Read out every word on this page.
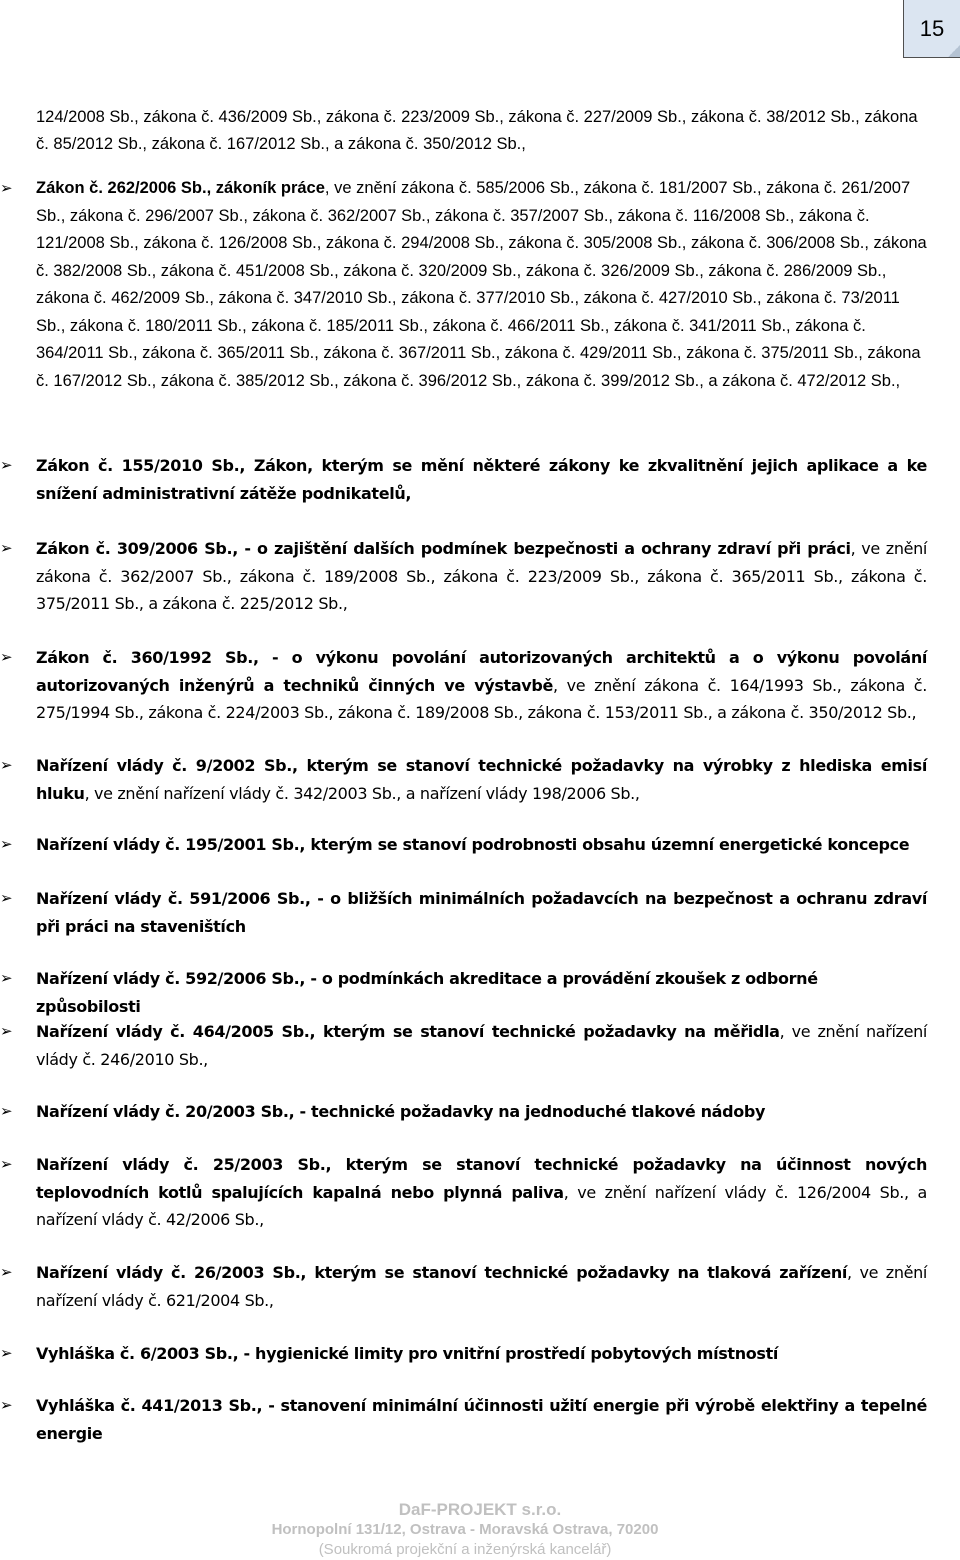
15
124/2008 Sb., zákona č. 436/2009 Sb., zákona č. 223/2009 Sb., zákona č. 227/2009 Sb., zákona č. 38/2012 Sb., zákona č. 85/2012 Sb., zákona č. 167/2012 Sb., a zákona č. 350/2012 Sb.,
➢	Zákon č. 262/2006 Sb., zákoník práce, ve znění zákona č. 585/2006 Sb., zákona č. 181/2007 Sb., zákona č. 261/2007 Sb., zákona č. 296/2007 Sb., zákona č. 362/2007 Sb., zákona č. 357/2007 Sb., zákona č. 116/2008 Sb., zákona č. 121/2008 Sb., zákona č. 126/2008 Sb., zákona č. 294/2008 Sb., zákona č. 305/2008 Sb., zákona č. 306/2008 Sb., zákona č. 382/2008 Sb., zákona č. 451/2008 Sb., zákona č. 320/2009 Sb., zákona č. 326/2009 Sb., zákona č. 286/2009 Sb., zákona č. 462/2009 Sb., zákona č. 347/2010 Sb., zákona č. 377/2010 Sb., zákona č. 427/2010 Sb., zákona č. 73/2011 Sb., zákona č. 180/2011 Sb., zákona č. 185/2011 Sb., zákona č. 466/2011 Sb., zákona č. 341/2011 Sb., zákona č. 364/2011 Sb., zákona č. 365/2011 Sb., zákona č. 367/2011 Sb., zákona č. 429/2011 Sb., zákona č. 375/2011 Sb., zákona č. 167/2012 Sb., zákona č. 385/2012 Sb., zákona č. 396/2012 Sb., zákona č. 399/2012 Sb., a zákona č. 472/2012 Sb.,
➢	Zákon č. 155/2010 Sb., Zákon, kterým se mění některé zákony ke zkvalitnění jejich aplikace a ke snížení administrativní zátěže podnikatelů,
➢	Zákon č. 309/2006 Sb., - o zajištění dalších podmínek bezpečnosti a ochrany zdraví při práci, ve znění zákona č. 362/2007 Sb., zákona č. 189/2008 Sb., zákona č. 223/2009 Sb., zákona č. 365/2011 Sb., zákona č. 375/2011 Sb., a zákona č. 225/2012 Sb.,
➢	Zákon č. 360/1992 Sb., - o výkonu povolání autorizovaných architektů a o výkonu povolání autorizovaných inženýrů a techniků činných ve výstavbě, ve znění zákona č. 164/1993 Sb., zákona č. 275/1994 Sb., zákona č. 224/2003 Sb., zákona č. 189/2008 Sb., zákona č. 153/2011 Sb., a zákona č. 350/2012 Sb.,
➢	Nařízení vlády č. 9/2002 Sb., kterým se stanoví technické požadavky na výrobky z hlediska emisí hluku, ve znění nařízení vlády č. 342/2003 Sb., a nařízení vlády 198/2006 Sb.,
➢	Nařízení vlády č. 195/2001 Sb., kterým se stanoví podrobnosti obsahu územní energetické koncepce
➢	Nařízení vlády č. 591/2006 Sb., - o bližších minimálních požadavcích na bezpečnost a ochranu zdraví při práci na staveništích
➢	Nařízení vlády č. 592/2006 Sb., - o podmínkách akreditace a provádění zkoušek z odborné způsobilosti
➢	Nařízení vlády č. 464/2005 Sb., kterým se stanoví technické požadavky na měřidla, ve znění nařízení vlády č. 246/2010 Sb.,
➢	Nařízení vlády č. 20/2003 Sb., - technické požadavky na jednoduché tlakové nádoby
➢	Nařízení vlády č. 25/2003 Sb., kterým se stanoví technické požadavky na účinnost nových teplovodních kotlů spalujících kapalná nebo plynná paliva, ve znění nařízení vlády č. 126/2004 Sb., a nařízení vlády č. 42/2006 Sb.,
➢	Nařízení vlády č. 26/2003 Sb., kterým se stanoví technické požadavky na tlaková zařízení, ve znění nařízení vlády č. 621/2004 Sb.,
➢	Vyhláška č. 6/2003 Sb., - hygienické limity pro vnitřní prostředí pobytových místností
➢	Vyhláška č. 441/2013 Sb., - stanovení minimální účinnosti užití energie při výrobě elektřiny a tepelné energie
DaF-PROJEKT s.r.o.
Hornopolní 131/12, Ostrava - Moravská Ostrava, 70200
(Soukromá projekční a inženýrská kancelář)
